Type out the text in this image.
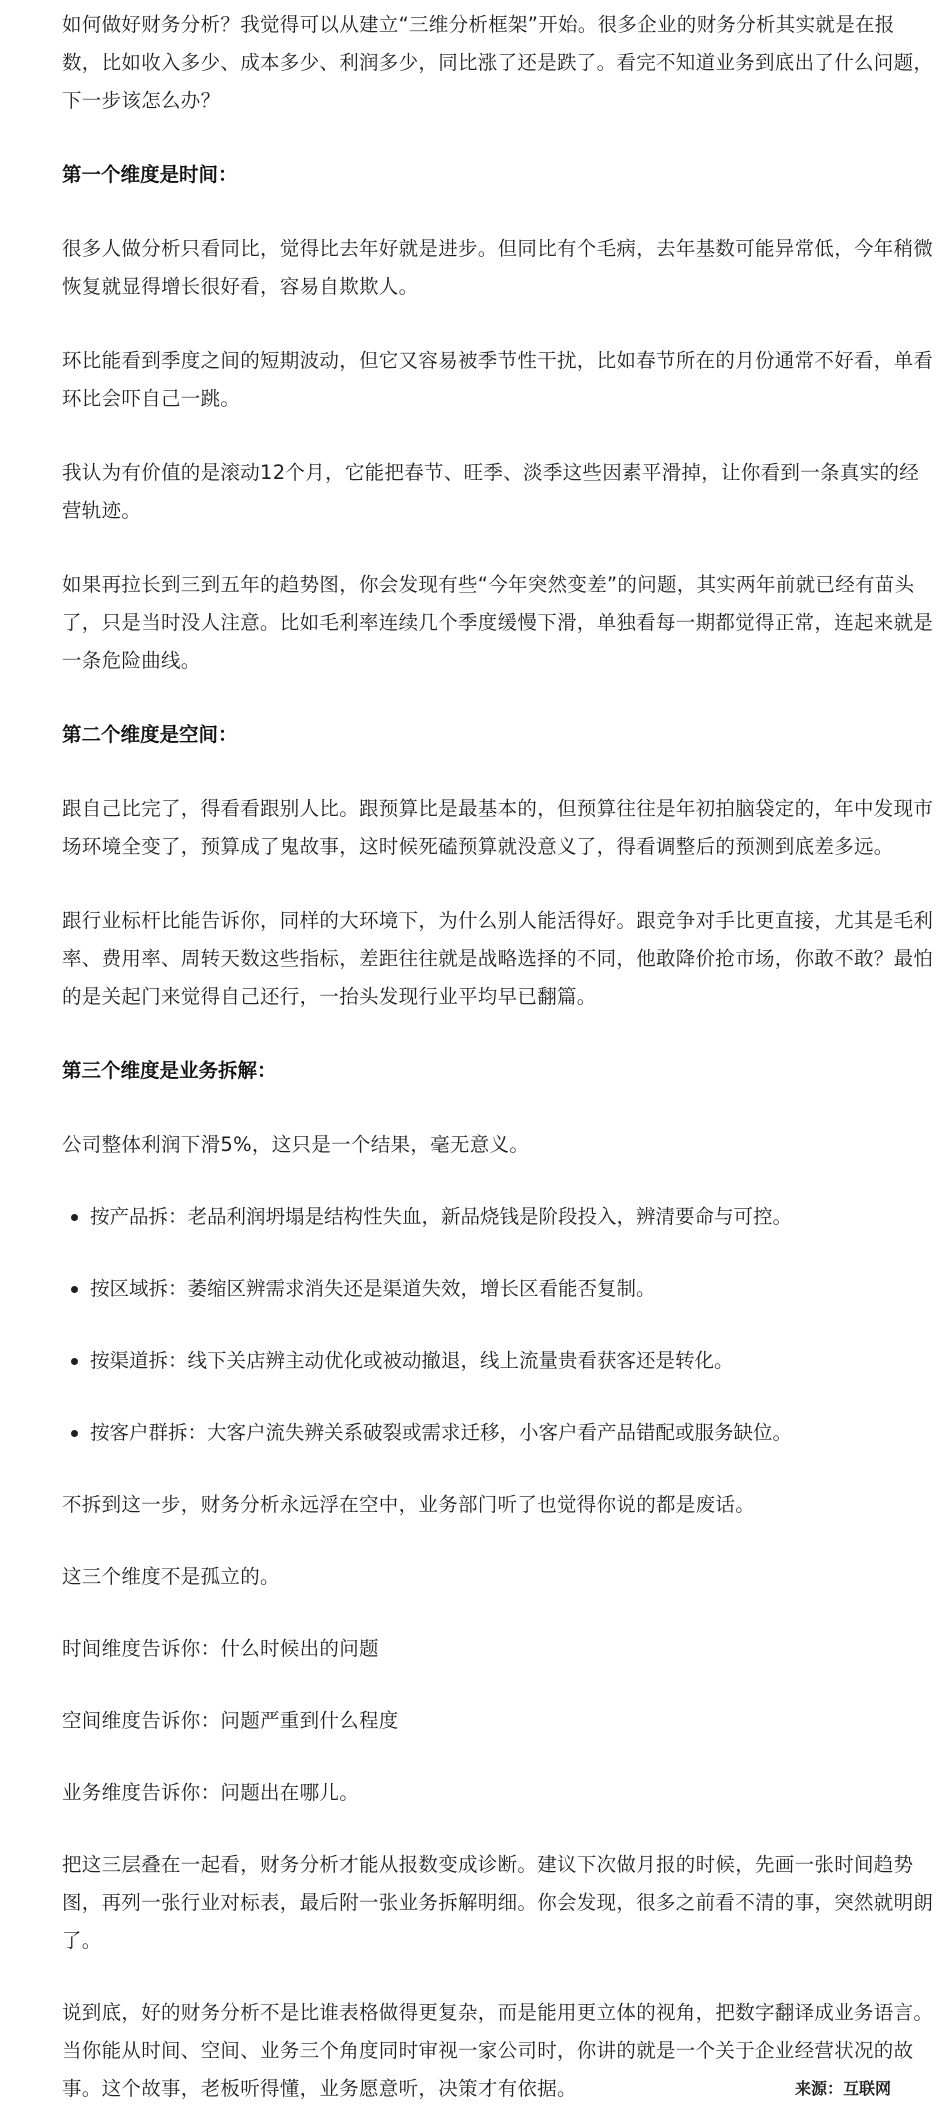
如何做好财务分析？我觉得可以从建立“三维分析框架”开始。很多企业的财务分析其实就是在报数，比如收入多少、成本多少、利润多少，同比涨了还是跌了。看完不知道业务到底出了什么问题，下一步该怎么办？

第一个维度是时间：

很多人做分析只看同比，觉得比去年好就是进步。但同比有个毛病，去年基数可能异常低，今年稍微恢复就显得增长很好看，容易自欺欺人。

环比能看到季度之间的短期波动，但它又容易被季节性干扰，比如春节所在的月份通常不好看，单看环比会吓自己一跳。

我认为有价值的是滚动12个月，它能把春节、旺季、淡季这些因素平滑掉，让你看到一条真实的经营轨迹。

如果再拉长到三到五年的趋势图，你会发现有些“今年突然变差”的问题，其实两年前就已经有苗头了，只是当时没人注意。比如毛利率连续几个季度缓慢下滑，单独看每一期都觉得正常，连起来就是一条危险曲线。

第二个维度是空间：

跟自己比完了，得看看跟别人比。跟预算比是最基本的，但预算往往是年初拍脑袋定的，年中发现市场环境全变了，预算成了鬼故事，这时候死磕预算就没意义了，得看调整后的预测到底差多远。

跟行业标杆比能告诉你，同样的大环境下，为什么别人能活得好。跟竞争对手比更直接，尤其是毛利率、费用率、周转天数这些指标，差距往往就是战略选择的不同，他敢降价抢市场，你敢不敢？最怕的是关起门来觉得自己还行，一抬头发现行业平均早已翻篇。

第三个维度是业务拆解：

公司整体利润下滑5%，这只是一个结果，毫无意义。

按产品拆：老品利润坍塌是结构性失血，新品烧钱是阶段投入，辨清要命与可控。
按区域拆：萎缩区辨需求消失还是渠道失效，增长区看能否复制。
按渠道拆：线下关店辨主动优化或被动撤退，线上流量贵看获客还是转化。
按客户群拆：大客户流失辨关系破裂或需求迁移，小客户看产品错配或服务缺位。

不拆到这一步，财务分析永远浮在空中，业务部门听了也觉得你说的都是废话。

这三个维度不是孤立的。

时间维度告诉你：什么时候出的问题

空间维度告诉你：问题严重到什么程度

业务维度告诉你：问题出在哪儿。

把这三层叠在一起看，财务分析才能从报数变成诊断。建议下次做月报的时候，先画一张时间趋势图，再列一张行业对标表，最后附一张业务拆解明细。你会发现，很多之前看不清的事，突然就明朗了。

说到底，好的财务分析不是比谁表格做得更复杂，而是能用更立体的视角，把数字翻译成业务语言。当你能从时间、空间、业务三个角度同时审视一家公司时，你讲的就是一个关于企业经营状况的故事。这个故事，老板听得懂，业务愿意听，决策才有依据。	来源：互联网
